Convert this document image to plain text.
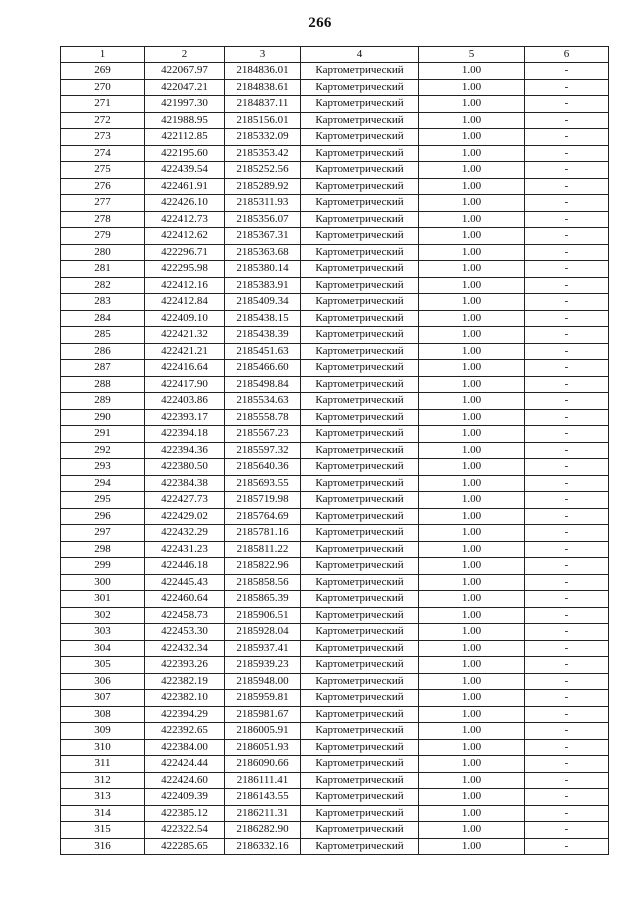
266
1	2	3	4	5	6
269	422067.97	2184836.01	Картометрический	1.00	-
270	422047.21	2184838.61	Картометрический	1.00	-
271	421997.30	2184837.11	Картометрический	1.00	-
272	421988.95	2185156.01	Картометрический	1.00	-
273	422112.85	2185332.09	Картометрический	1.00	-
274	422195.60	2185353.42	Картометрический	1.00	-
275	422439.54	2185252.56	Картометрический	1.00	-
276	422461.91	2185289.92	Картометрический	1.00	-
277	422426.10	2185311.93	Картометрический	1.00	-
278	422412.73	2185356.07	Картометрический	1.00	-
279	422412.62	2185367.31	Картометрический	1.00	-
280	422296.71	2185363.68	Картометрический	1.00	-
281	422295.98	2185380.14	Картометрический	1.00	-
282	422412.16	2185383.91	Картометрический	1.00	-
283	422412.84	2185409.34	Картометрический	1.00	-
284	422409.10	2185438.15	Картометрический	1.00	-
285	422421.32	2185438.39	Картометрический	1.00	-
286	422421.21	2185451.63	Картометрический	1.00	-
287	422416.64	2185466.60	Картометрический	1.00	-
288	422417.90	2185498.84	Картометрический	1.00	-
289	422403.86	2185534.63	Картометрический	1.00	-
290	422393.17	2185558.78	Картометрический	1.00	-
291	422394.18	2185567.23	Картометрический	1.00	-
292	422394.36	2185597.32	Картометрический	1.00	-
293	422380.50	2185640.36	Картометрический	1.00	-
294	422384.38	2185693.55	Картометрический	1.00	-
295	422427.73	2185719.98	Картометрический	1.00	-
296	422429.02	2185764.69	Картометрический	1.00	-
297	422432.29	2185781.16	Картометрический	1.00	-
298	422431.23	2185811.22	Картометрический	1.00	-
299	422446.18	2185822.96	Картометрический	1.00	-
300	422445.43	2185858.56	Картометрический	1.00	-
301	422460.64	2185865.39	Картометрический	1.00	-
302	422458.73	2185906.51	Картометрический	1.00	-
303	422453.30	2185928.04	Картометрический	1.00	-
304	422432.34	2185937.41	Картометрический	1.00	-
305	422393.26	2185939.23	Картометрический	1.00	-
306	422382.19	2185948.00	Картометрический	1.00	-
307	422382.10	2185959.81	Картометрический	1.00	-
308	422394.29	2185981.67	Картометрический	1.00	-
309	422392.65	2186005.91	Картометрический	1.00	-
310	422384.00	2186051.93	Картометрический	1.00	-
311	422424.44	2186090.66	Картометрический	1.00	-
312	422424.60	2186111.41	Картометрический	1.00	-
313	422409.39	2186143.55	Картометрический	1.00	-
314	422385.12	2186211.31	Картометрический	1.00	-
315	422322.54	2186282.90	Картометрический	1.00	-
316	422285.65	2186332.16	Картометрический	1.00	-
